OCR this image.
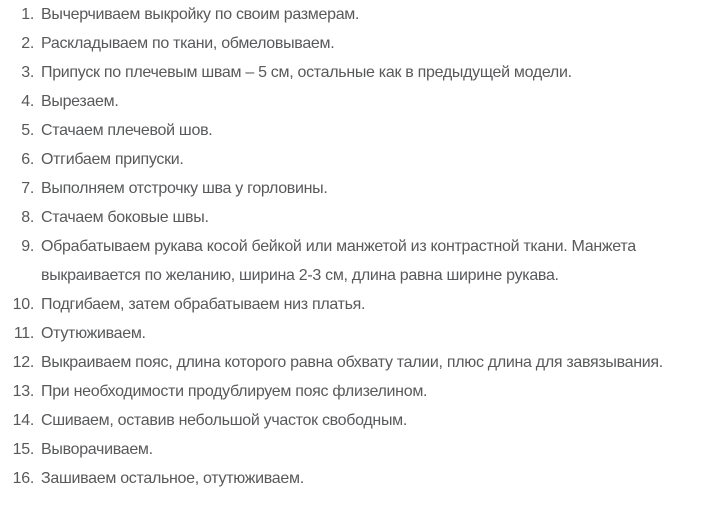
1. Вычерчиваем выкройку по своим размерам.
2. Раскладываем по ткани, обмеловываем.
3. Припуск по плечевым швам – 5 см, остальные как в предыдущей модели.
4. Вырезаем.
5. Стачаем плечевой шов.
6. Отгибаем припуски.
7. Выполняем отстрочку шва у горловины.
8. Стачаем боковые швы.
9. Обрабатываем рукава косой бейкой или манжетой из контрастной ткани. Манжета выкраивается по желанию, ширина 2-3 см, длина равна ширине рукава.
10. Подгибаем, затем обрабатываем низ платья.
11. Отутюживаем.
12. Выкраиваем пояс, длина которого равна обхвату талии, плюс длина для завязывания.
13. При необходимости продублируем пояс флизелином.
14. Сшиваем, оставив небольшой участок свободным.
15. Выворачиваем.
16. Зашиваем остальное, отутюживаем.
